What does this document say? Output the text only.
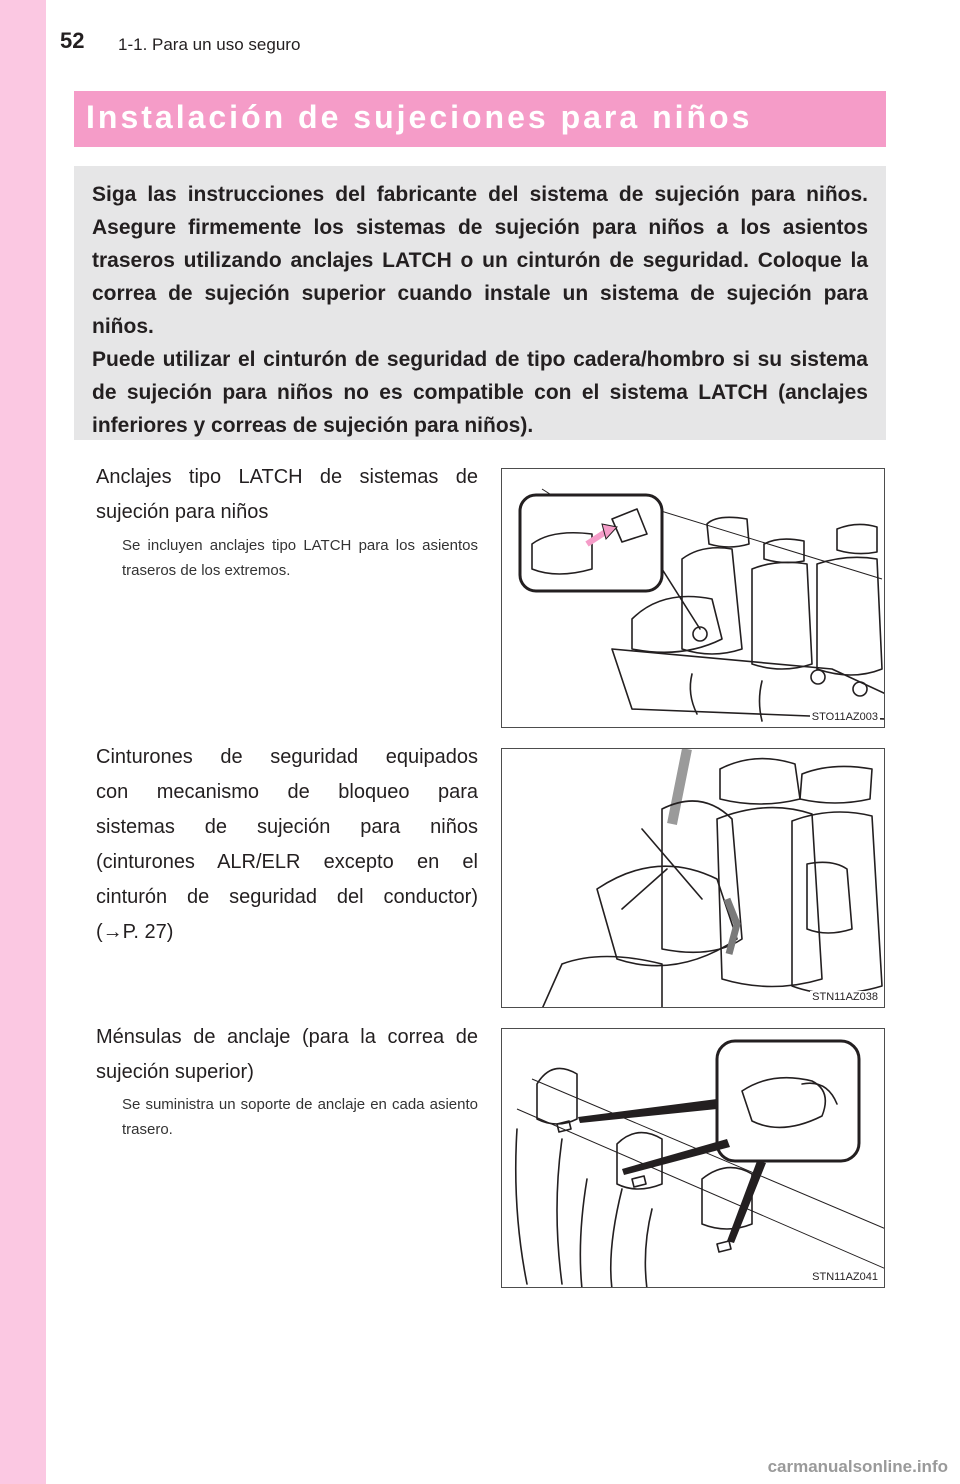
52 1-1. Para un uso seguro
Instalación de sujeciones para niños

Siga las instrucciones del fabricante del sistema de sujeción para niños. Asegure firmemente los sistemas de sujeción para niños a los asientos traseros utilizando anclajes LATCH o un cinturón de seguridad. Coloque la correa de sujeción superior cuando instale un sistema de sujeción para niños.

Puede utilizar el cinturón de seguridad de tipo cadera/hombro si su sistema de sujeción para niños no es compatible con el sistema LATCH (anclajes inferiores y correas de sujeción para niños).

Anclajes tipo LATCH de sistemas de sujeción para niños
Se incluyen anclajes tipo LATCH para los asientos traseros de los extremos.
STO11AZ003
Cinturones de seguridad equipados
con mecanismo de bloqueo para
sistemas de sujeción para niños
(cinturones ALR/ELR excepto en el
cinturón de seguridad del conductor)
(→P. 27)
STN11AZ038
Ménsulas de anclaje (para la correa de sujeción superior)
Se suministra un soporte de anclaje en cada asiento trasero.
STN11AZ041
carmanualsonline.info
